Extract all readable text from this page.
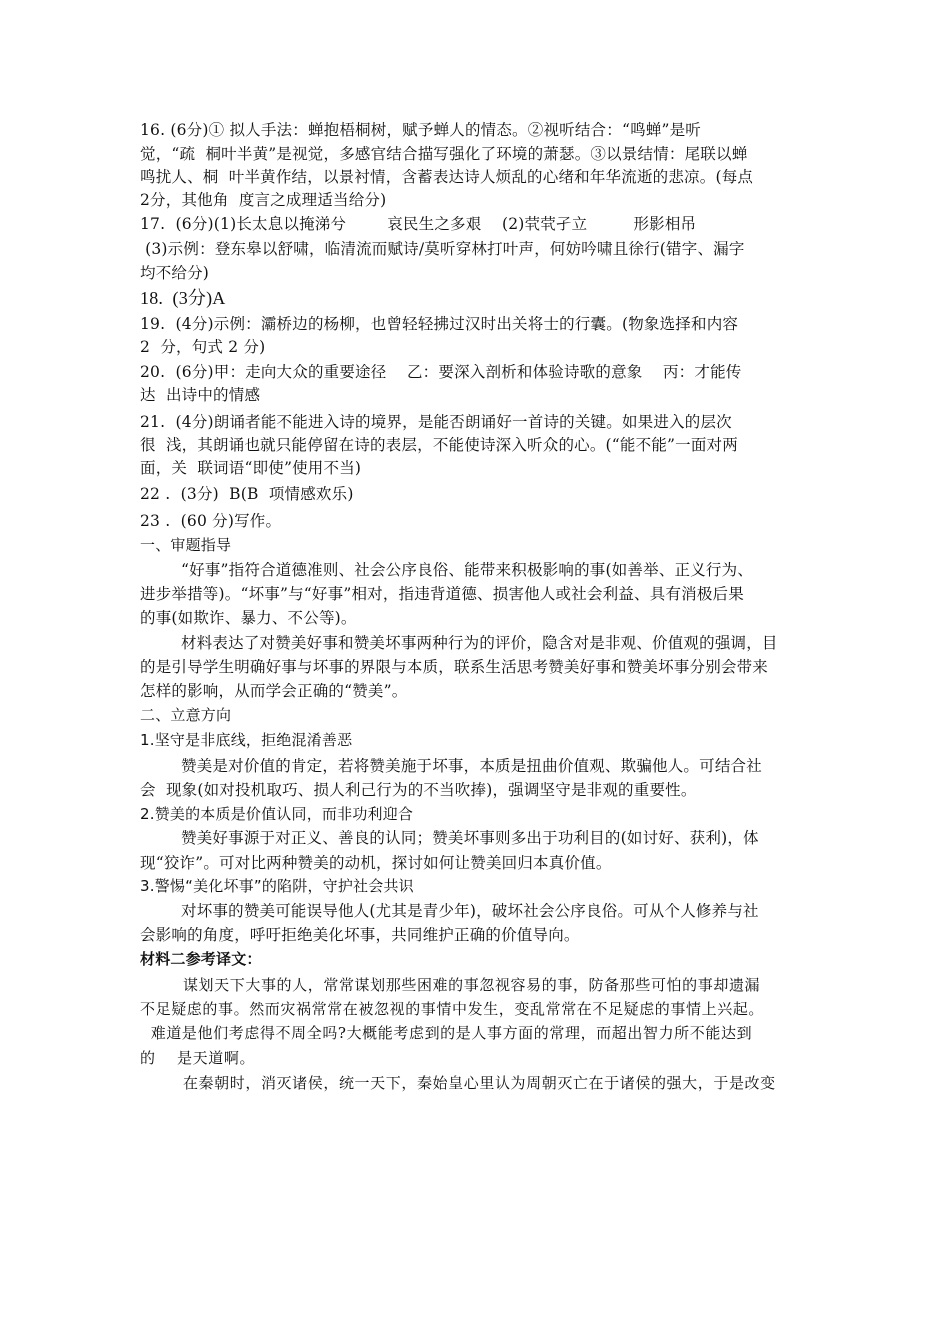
16. (6分)① 拟人手法：蝉抱梧桐树，赋予蝉人的情态。②视听结合：“鸣蝉”是听
觉，“疏  桐叶半黄”是视觉，多感官结合描写强化了环境的萧瑟。③以景结情：尾联以蝉
鸣扰人、桐  叶半黄作结，以景衬情，含蓄表达诗人烦乱的心绪和年华流逝的悲凉。(每点
2分，其他角  度言之成理适当给分)
17.  (6分)(1)长太息以掩涕兮        哀民生之多艰    (2)茕茕孑立         形影相吊
(3)示例：登东皋以舒啸，临清流而赋诗/莫听穿林打叶声，何妨吟啸且徐行(错字、漏字
均不给分)
18.  (3分)A
19.  (4分)示例：灞桥边的杨柳，也曾轻轻拂过汉时出关将士的行囊。(物象选择和内容
2  分，句式 2 分)
20.  (6分)甲：走向大众的重要途径    乙：要深入剖析和体验诗歌的意象    丙：才能传
达  出诗中的情感
21.  (4分)朗诵者能不能进入诗的境界，是能否朗诵好一首诗的关键。如果进入的层次
很  浅，其朗诵也就只能停留在诗的表层，不能使诗深入听众的心。(“能不能”一面对两
面，关  联词语“即使”使用不当)
22 .  (3分)  B(B  项情感欢乐)
23 .  (60 分)写作。
一、审题指导
“好事”指符合道德准则、社会公序良俗、能带来积极影响的事(如善举、正义行为、
进步举措等)。“坏事”与“好事”相对，指违背道德、损害他人或社会利益、具有消极后果
的事(如欺诈、暴力、不公等)。
材料表达了对赞美好事和赞美坏事两种行为的评价，隐含对是非观、价值观的强调，目
的是引导学生明确好事与坏事的界限与本质，联系生活思考赞美好事和赞美坏事分别会带来
怎样的影响，从而学会正确的“赞美”。
二、立意方向
1.坚守是非底线，拒绝混淆善恶
赞美是对价值的肯定，若将赞美施于坏事，本质是扭曲价值观、欺骗他人。可结合社
会  现象(如对投机取巧、损人利己行为的不当吹捧)，强调坚守是非观的重要性。
2.赞美的本质是价值认同，而非功利迎合
赞美好事源于对正义、善良的认同；赞美坏事则多出于功利目的(如讨好、获利)，体
现“狡诈”。可对比两种赞美的动机，探讨如何让赞美回归本真价值。
3.警惕“美化坏事”的陷阱，守护社会共识
对坏事的赞美可能误导他人(尤其是青少年)，破坏社会公序良俗。可从个人修养与社
会影响的角度，呼吁拒绝美化坏事，共同维护正确的价值导向。
材料二参考译文：
谋划天下大事的人，常常谋划那些困难的事忽视容易的事，防备那些可怕的事却遗漏
不足疑虑的事。然而灾祸常常在被忽视的事情中发生，变乱常常在不足疑虑的事情上兴起。
难道是他们考虑得不周全吗?大概能考虑到的是人事方面的常理，而超出智力所不能达到
的    是天道啊。
在秦朝时，消灭诸侯，统一天下，秦始皇心里认为周朝灭亡在于诸侯的强大，于是改变
